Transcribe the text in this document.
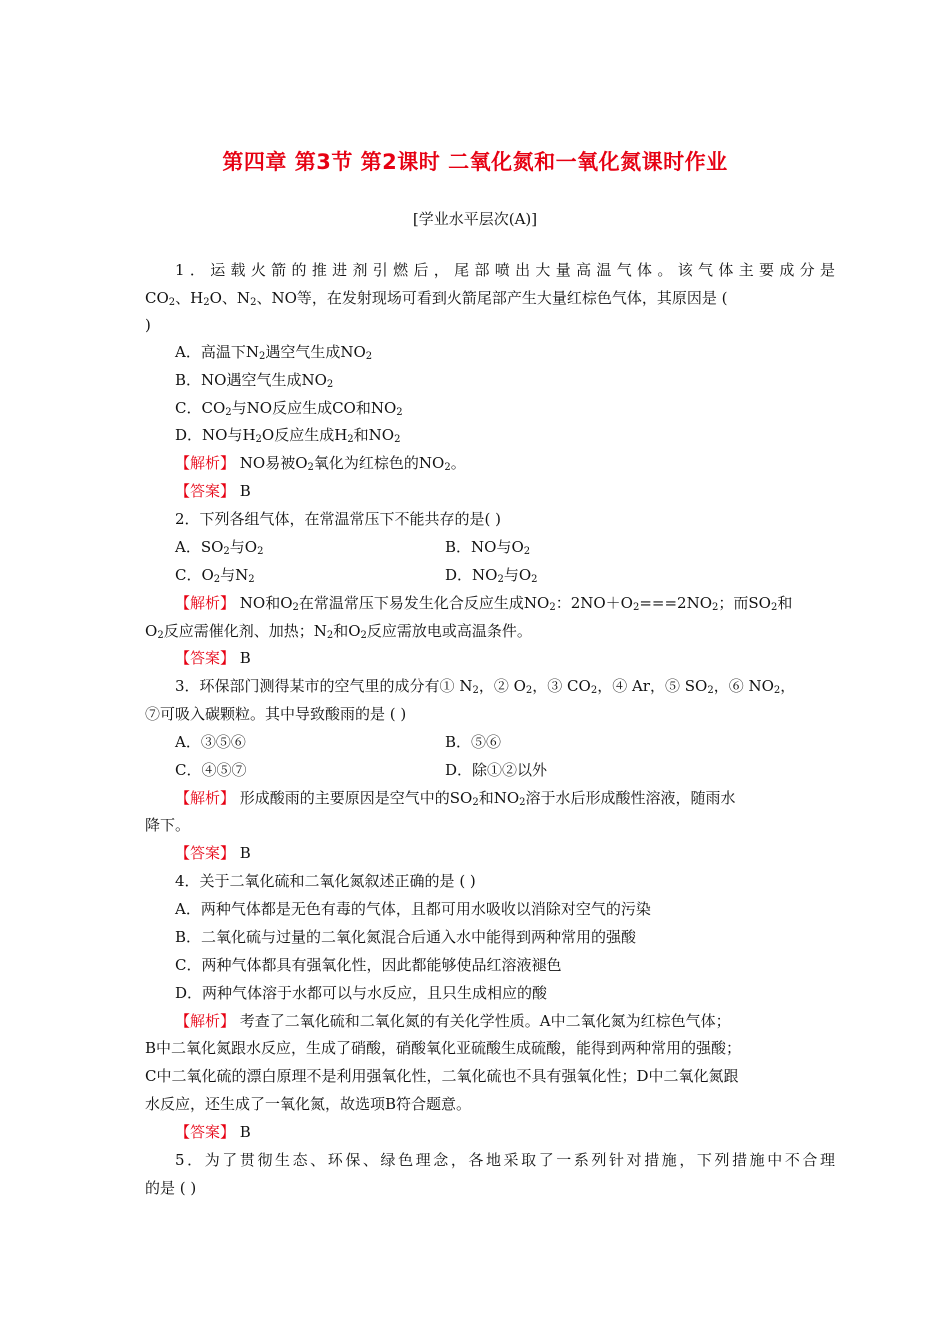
第四章 第3节 第2课时 二氧化氮和一氧化氮课时作业
[学业水平层次(A)]
1．运载火箭的推进剂引燃后，尾部喷出大量高温气体。该气体主要成分是
$CO_2$、$H_2O$、$N_2$、NO等，在发射现场可看到火箭尾部产生大量红棕色气体，其原因是 (
)
A．高温下$N_2$遇空气生成$NO_2$
B．NO遇空气生成$NO_2$
C．$CO_2$与NO反应生成CO和$NO_2$
D．NO与$H_2O$反应生成$H_2$和$NO_2$
【解析】 NO易被$O_2$氧化为红棕色的$NO_2$。
【答案】 B
2．下列各组气体，在常温常压下不能共存的是( )
A．$SO_2$与$O_2$	B．NO与$O_2$
C．$O_2$与$N_2$	D．$NO_2$与$O_2$
【解析】 NO和$O_2$在常温常压下易发生化合反应生成$NO_2$：$2NO+O_2===2NO_2$；而$SO_2$和
$O_2$反应需催化剂、加热；$N_2$和$O_2$反应需放电或高温条件。
【答案】 B
3．环保部门测得某市的空气里的成分有① $N_2$，② $O_2$，③ $CO_2$，④ Ar，⑤ $SO_2$，⑥ $NO_2$，
⑦可吸入碳颗粒。其中导致酸雨的是 ( )
A．③⑤⑥	B．⑤⑥
C．④⑤⑦	D．除①②以外
【解析】 形成酸雨的主要原因是空气中的$SO_2$和$NO_2$溶于水后形成酸性溶液，随雨水
降下。
【答案】 B
4．关于二氧化硫和二氧化氮叙述正确的是 ( )
A．两种气体都是无色有毒的气体，且都可用水吸收以消除对空气的污染
B．二氧化硫与过量的二氧化氮混合后通入水中能得到两种常用的强酸
C．两种气体都具有强氧化性，因此都能够使品红溶液褪色
D．两种气体溶于水都可以与水反应，且只生成相应的酸
【解析】 考查了二氧化硫和二氧化氮的有关化学性质。A中二氧化氮为红棕色气体；
B中二氧化氮跟水反应，生成了硝酸，硝酸氧化亚硫酸生成硫酸，能得到两种常用的强酸；
C中二氧化硫的漂白原理不是利用强氧化性，二氧化硫也不具有强氧化性；D中二氧化氮跟
水反应，还生成了一氧化氮，故选项B符合题意。
【答案】 B
5．为了贯彻生态、环保、绿色理念，各地采取了一系列针对措施，下列措施中不合理
的是 ( )
